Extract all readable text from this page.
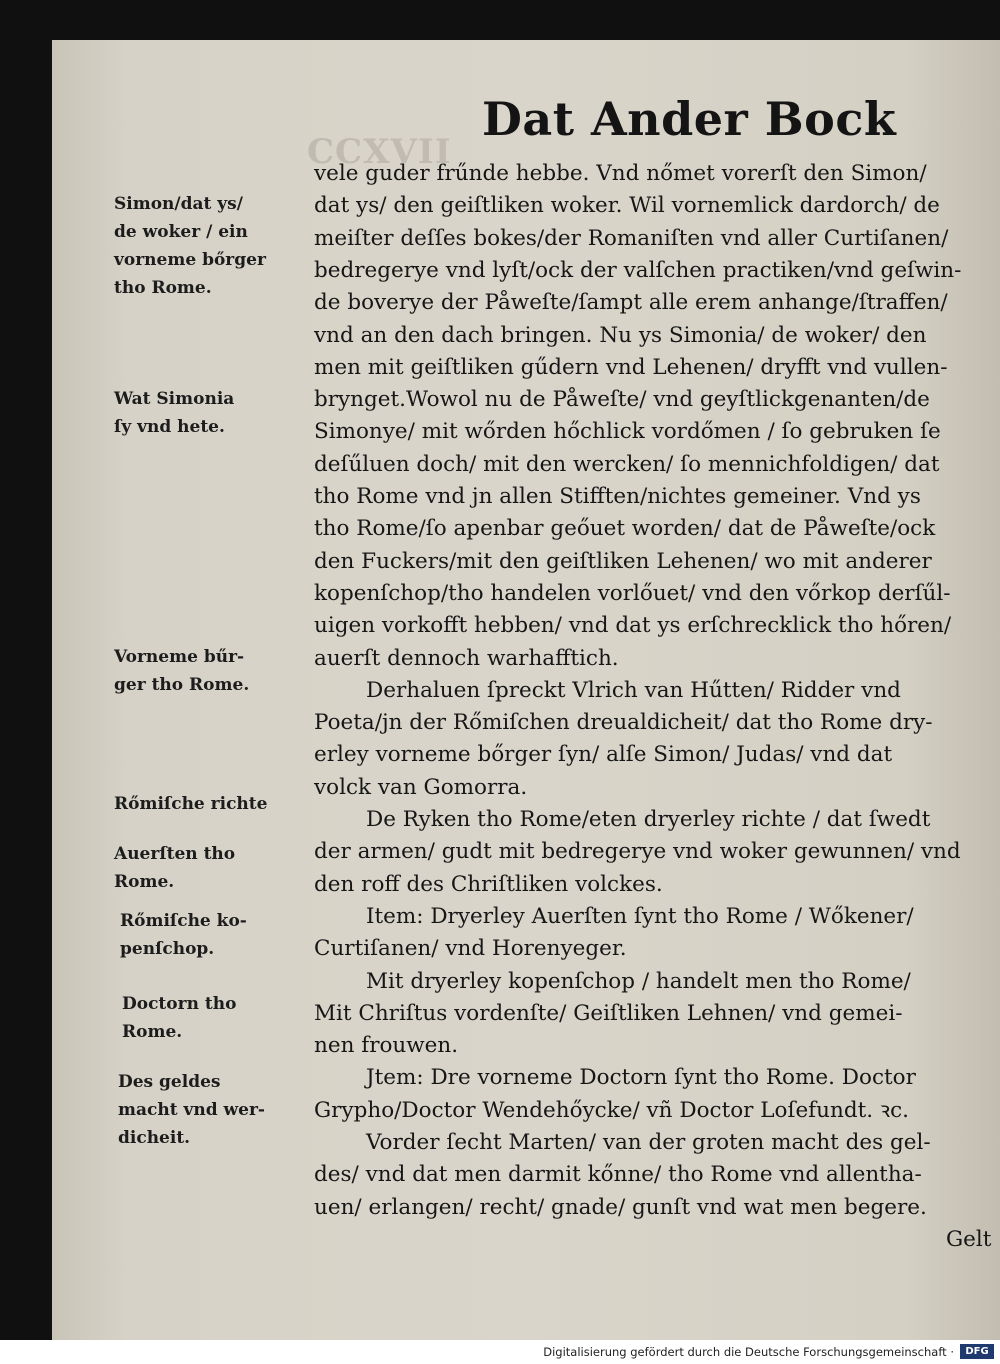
CCXVII
Dat Ander Bock
vele guder frűnde hebbe. Vnd nőmet vorerſt den Simon/
dat ys/ den geiſtliken woker. Wil vornemlick dardorch/ de
meiſter deſſes bokes/der Romaniſten vnd aller Curtiſanen/
bedregerye vnd lyſt/ock der valſchen practiken/vnd geſwin-
de boverye der Påweſte/ſampt alle erem anhange/ſtraffen/
vnd an den dach bringen. Nu ys Simonia/ de woker/ den
men mit geiſtliken gűdern vnd Lehenen/ dryfft vnd vullen-
brynget.Wowol nu de Påweſte/ vnd geyſtlickgenanten/de
Simonye/ mit wőrden hőchlick vordőmen / ſo gebruken ſe
deſűluen doch/ mit den wercken/ ſo mennichfoldigen/ dat
tho Rome vnd jn allen Stifften/nichtes gemeiner. Vnd ys
tho Rome/ſo apenbar geőuet worden/ dat de Påweſte/ock
den Fuckers/mit den geiſtliken Lehenen/ wo mit anderer
kopenſchop/tho handelen vorlőuet/ vnd den vőrkop derſűl-
uigen vorkofft hebben/ vnd dat ys erſchrecklick tho hőren/
auerſt dennoch warhafftich.
Derhaluen ſpreckt Vlrich van Hűtten/ Ridder vnd
Poeta/jn der Rőmiſchen dreualdicheit/ dat tho Rome dry-
erley vorneme bőrger ſyn/ alſe Simon/ Judas/ vnd dat
volck van Gomorra.
De Ryken tho Rome/eten dryerley richte / dat ſwedt
der armen/ gudt mit bedregerye vnd woker gewunnen/ vnd
den roff des Chriſtliken volckes.
Item: Dryerley Auerſten ſynt tho Rome / Wőkener/
Curtiſanen/ vnd Horenyeger.
Mit dryerley kopenſchop / handelt men tho Rome/
Mit Chriſtus vordenſte/ Geiſtliken Lehnen/ vnd gemei-
nen frouwen.
Jtem: Dre vorneme Doctorn ſynt tho Rome. Doctor
Grypho/Doctor Wendehőycke/ vñ Doctor Loſefundt. ꝛc.
Vorder ſecht Marten/ van der groten macht des gel-
des/ vnd dat men darmit kőnne/ tho Rome vnd allentha-
uen/ erlangen/ recht/ gnade/ gunſt vnd wat men begere.
Gelt
Simon/dat ys/
de woker / ein
vorneme bőrger
tho Rome.
Wat Simonia
ſy vnd hete.
Vorneme bűr-
ger tho Rome.
Rőmiſche richte
Auerſten tho
Rome.
Rőmiſche ko-
penſchop.
Doctorn tho
Rome.
Des geldes
macht vnd wer-
dicheit.
Digitalisierung gefördert durch die Deutsche Forschungsgemeinschaft ·	DFG
